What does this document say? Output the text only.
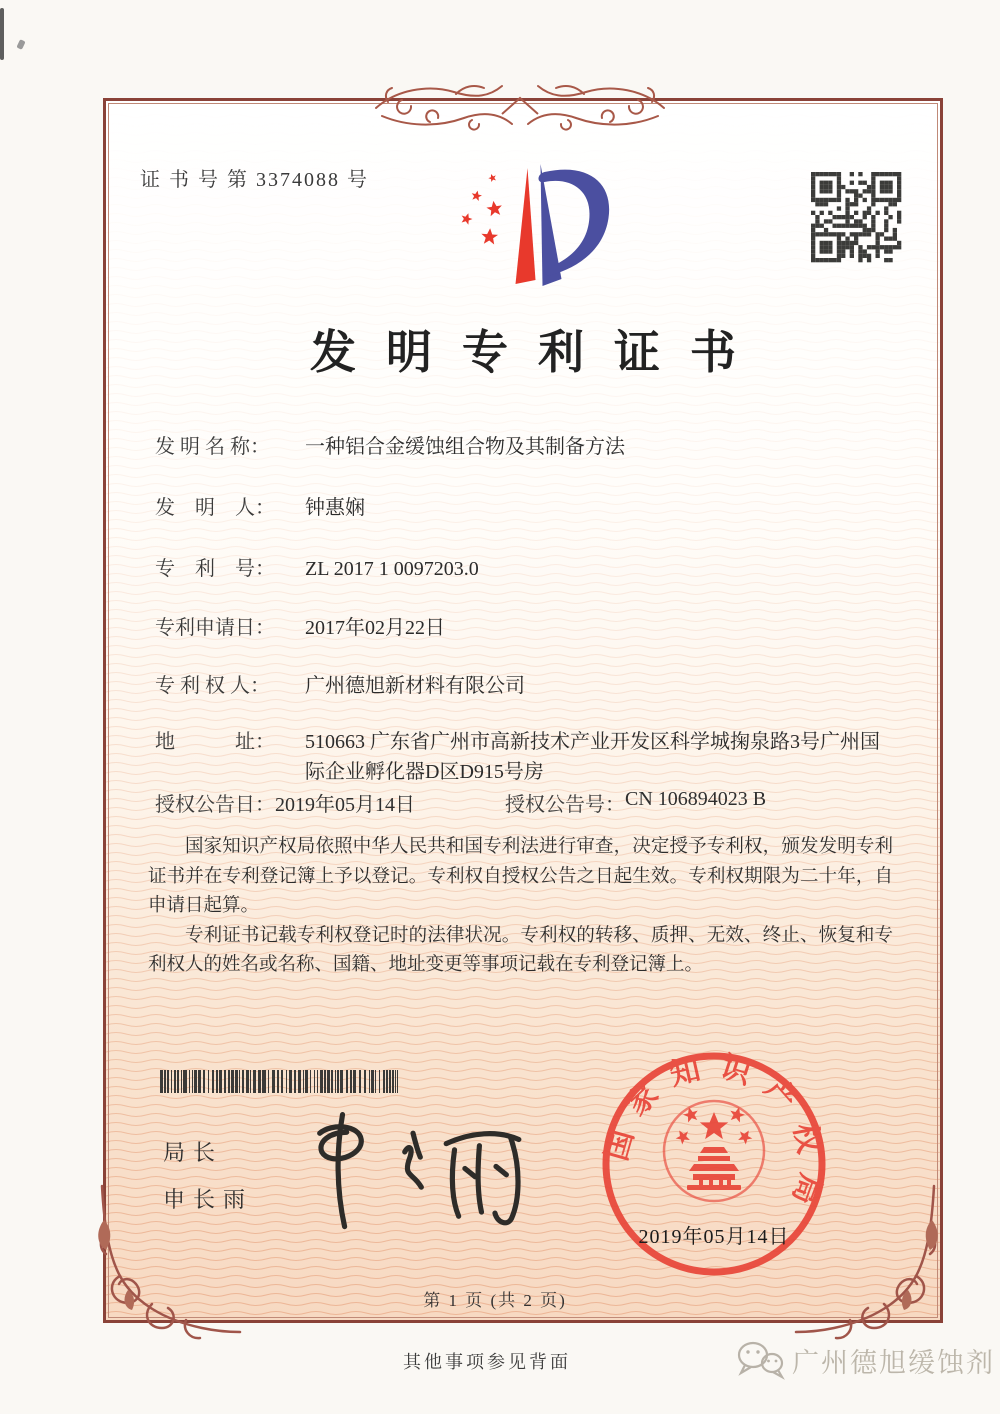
证 书 号 第 3374088 号
发明专利证书
发 明 名 称：	一种铝合金缓蚀组合物及其制备方法
发　明　人：	钟惠娴
专　利　号：	ZL 2017 1 0097203.0
专利申请日：	2017年02月22日
专 利 权 人：	广州德旭新材料有限公司
地　　　址：	510663 广东省广州市高新技术产业开发区科学城掬泉路3号广州国际企业孵化器D区D915号房
授权公告日： 2019年05月14日	授权公告号： CN 106894023 B

国家知识产权局依照中华人民共和国专利法进行审查，决定授予专利权，颁发发明专利证书并在专利登记簿上予以登记。专利权自授权公告之日起生效。专利权期限为二十年，自申请日起算。

专利证书记载专利权登记时的法律状况。专利权的转移、质押、无效、终止、恢复和专利权人的姓名或名称、国籍、地址变更等事项记载在专利登记簿上。

局长
申长雨
国家知识产权局
2019年05月14日
第 1 页 (共 2 页)
其他事项参见背面	广州德旭缓蚀剂
